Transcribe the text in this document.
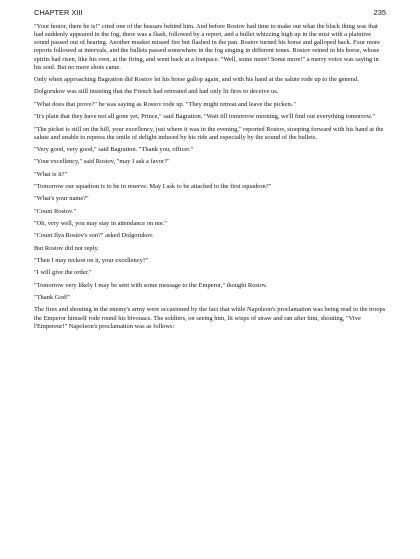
CHAPTER XIII	235

"Your honor, there he is!" cried one of the hussars behind him. And before Rostov had time to make out what the black thing was that had suddenly appeared in the fog, there was a flash, followed by a report, and a bullet whizzing high up in the mist with a plaintive sound passed out of hearing. Another musket missed fire but flashed in the pan. Rostov turned his horse and galloped back. Four more reports followed at intervals, and the bullets passed somewhere in the fog singing in different tones. Rostov reined in his horse, whose spirits had risen, like his own, at the firing, and went back at a footpace. "Well, some more! Some more!" a merry voice was saying in his soul. But no more shots came.

Only when approaching Bagration did Rostov let his horse gallop again, and with his hand at the salute rode up to the general.

Dolgorukov was still insisting that the French had retreated and had only lit fires to deceive us.

"What does that prove?" he was saying as Rostov rode up. "They might retreat and leave the pickets."

"It's plain that they have not all gone yet, Prince," said Bagration. "Wait till tomorrow morning, we'll find out everything tomorrow."

"The picket is still on the hill, your excellency, just where it was in the evening," reported Rostov, stooping forward with his hand at the salute and unable to repress the smile of delight induced by his ride and especially by the sound of the bullets.

"Very good, very good," said Bagration. "Thank you, officer."

"Your excellency," said Rostov, "may I ask a favor?"

"What is it?"

"Tomorrow our squadron is to be in reserve. May I ask to be attached to the first squadron?"

"What's your name?"

"Count Rostov."

"Oh, very well, you may stay in attendance on me."

"Count Ilya Rostov's son?" asked Dolgorukov.

But Rostov did not reply.

"Then I may reckon on it, your excellency?"

"I will give the order."

"Tomorrow very likely I may be sent with some message to the Emperor," thought Rostov.

"Thank God!"

The fires and shouting in the enemy's army were occasioned by the fact that while Napoleon's proclamation was being read to the troops the Emperor himself rode round his bivouacs. The soldiers, on seeing him, lit wisps of straw and ran after him, shouting, "Vive l'Empereur!" Napoleon's proclamation was as follows:
